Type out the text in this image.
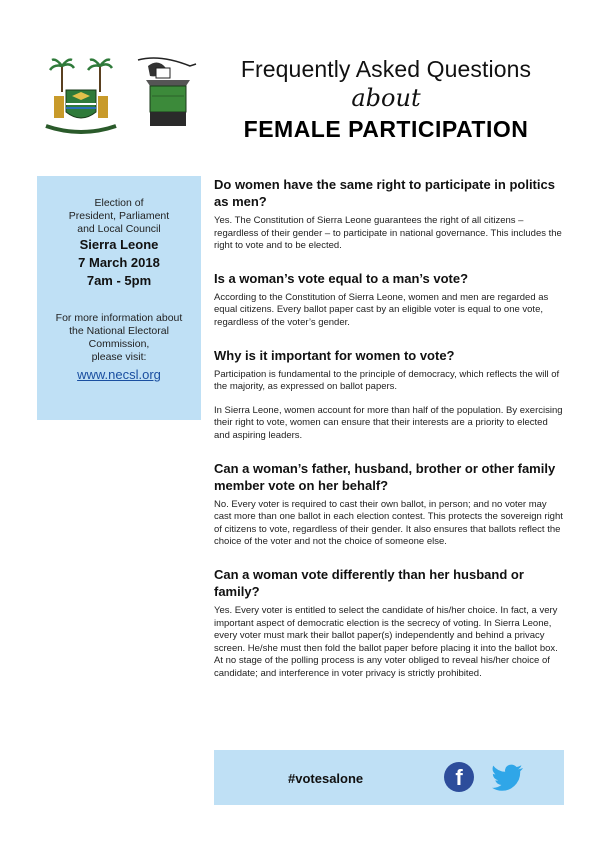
Frequently Asked Questions
about
FEMALE PARTICIPATION
Election of
President, Parliament
and Local Council
Sierra Leone
7 March 2018
7am - 5pm
For more information about
the National Electoral
Commission,
please visit:
www.necsl.org
Do women have the same right to participate in politics as men?
Yes. The Constitution of Sierra Leone guarantees the right of all citizens – regardless of their gender – to participate in national governance. This includes the right to vote and to be elected.
Is a woman’s vote equal to a man’s vote?
According to the Constitution of Sierra Leone, women and men are regarded as equal citizens. Every ballot paper cast by an eligible voter is equal to one vote, regardless of the voter’s gender.
Why is it important for women to vote?
Participation is fundamental to the principle of democracy, which reflects the will of the majority, as expressed on ballot papers.
In Sierra Leone, women account for more than half of the population. By exercising their right to vote, women can ensure that their interests are a priority to elected and aspiring leaders.
Can a woman’s father, husband, brother or other family member vote on her behalf?
No. Every voter is required to cast their own ballot, in person; and no voter may cast more than one ballot in each election contest. This protects the sovereign right of citizens to vote, regardless of their gender. It also ensures that ballots reflect the choice of the voter and not the choice of someone else.
Can a woman vote differently than her husband or family?
Yes. Every voter is entitled to select the candidate of his/her choice. In fact, a very important aspect of democratic election is the secrecy of voting. In Sierra Leone, every voter must mark their ballot paper(s) independently and behind a privacy screen. He/she must then fold the ballot paper before placing it into the ballot box. At no stage of the polling process is any voter obliged to reveal his/her choice of candidate; and interference in voter privacy is strictly prohibited.
#votesalone	f
